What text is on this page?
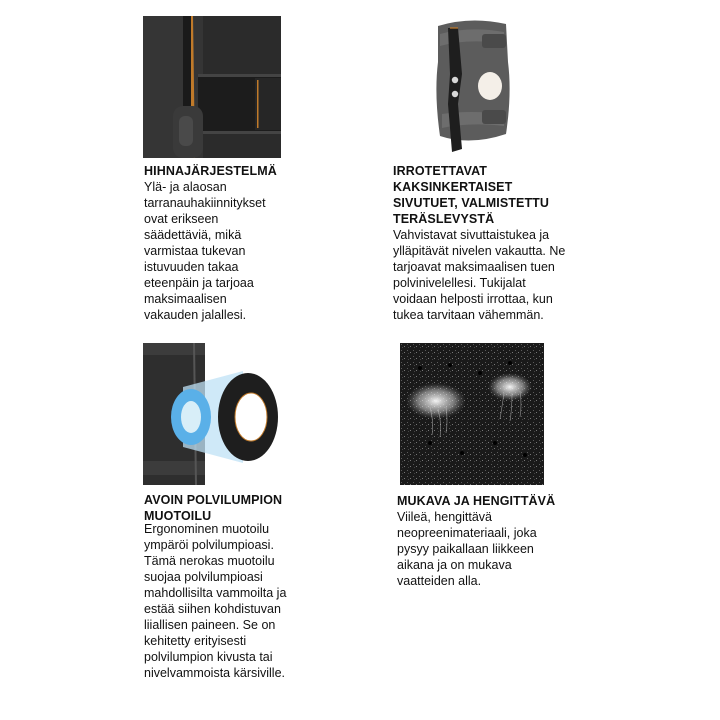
HIHNAJÄRJESTELMÄ

Ylä- ja alaosan
tarranauhakiinnitykset
ovat erikseen
säädettäviä, mikä
varmistaa tukevan
istuvuuden takaa
eteenpäin ja tarjoaa
maksimaalisen
vakauden jalallesi.

IRROTETTAVAT
KAKSINKERTAISET
SIVUTUET, VALMISTETTU
TERÄSLEVYSTÄ

Vahvistavat sivuttaistukea ja
ylläpitävät nivelen vakautta. Ne
tarjoavat maksimaalisen tuen
polvinivelellesi. Tukijalat
voidaan helposti irrottaa, kun
tukea tarvitaan vähemmän.

AVOIN POLVILUMPION
MUOTOILU

Ergonominen muotoilu
ympäröi polvilumpioasi.
Tämä nerokas muotoilu
suojaa polvilumpioasi
mahdollisilta vammoilta ja
estää siihen kohdistuvan
liiallisen paineen. Se on
kehitetty erityisesti
polvilumpion kivusta tai
nivelvammoista kärsiville.

MUKAVA JA HENGITTÄVÄ

Viileä, hengittävä
neopreenimateriaali, joka
pysyy paikallaan liikkeen
aikana ja on mukava
vaatteiden alla.
